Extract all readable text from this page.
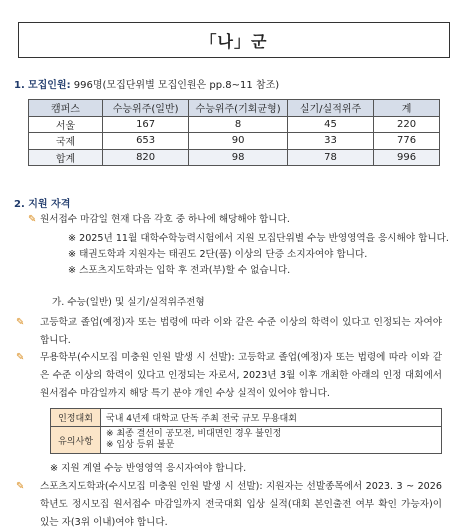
「나」군
1. 모집인원: 996명(모집단위별 모집인원은 pp.8~11 참조)
캠퍼스	수능위주(일반)	수능위주(기회균형)	실기/실적위주	계
서울	167	8	45	220
국제	653	90	33	776
합계	820	98	78	996
2. 지원 자격
✎ 원서접수 마감일 현재 다음 각호 중 하나에 해당해야 합니다.
※ 2025년 11월 대학수학능력시험에서 지원 모집단위별 수능 반영영역을 응시해야 합니다.
※ 태권도학과 지원자는 태권도 2단(품) 이상의 단증 소지자여야 합니다.
※ 스포츠지도학과는 입학 후 전과(부)할 수 없습니다.
가. 수능(일반) 및 실기/실적위주전형
✎ 고등학교 졸업(예정)자 또는 법령에 따라 이와 같은 수준 이상의 학력이 있다고 인정되는 자여야 합니다.
✎ 무용학부(수시모집 미충원 인원 발생 시 선발): 고등학교 졸업(예정)자 또는 법령에 따라 이와 같은 수준 이상의 학력이 있다고 인정되는 자로서, 2023년 3월 이후 개최한 아래의 인정 대회에서 원서접수 마감일까지 해당 특기 분야 개인 수상 실적이 있어야 합니다.
인정대회	국내 4년제 대학교 단독 주최 전국 규모 무용대회
유의사항	※ 최종 결선이 공모전, 비대면인 경우 불인정
※ 입상 등위 불문
※ 지원 계열 수능 반영영역 응시자여야 합니다.
✎ 스포츠지도학과(수시모집 미충원 인원 발생 시 선발): 지원자는 선발종목에서 2023. 3 ~ 2026학년도 정시모집 원서접수 마감일까지 전국대회 입상 실적(대회 본인출전 여부 확인 가능자)이 있는 자(3위 이내)여야 합니다.
